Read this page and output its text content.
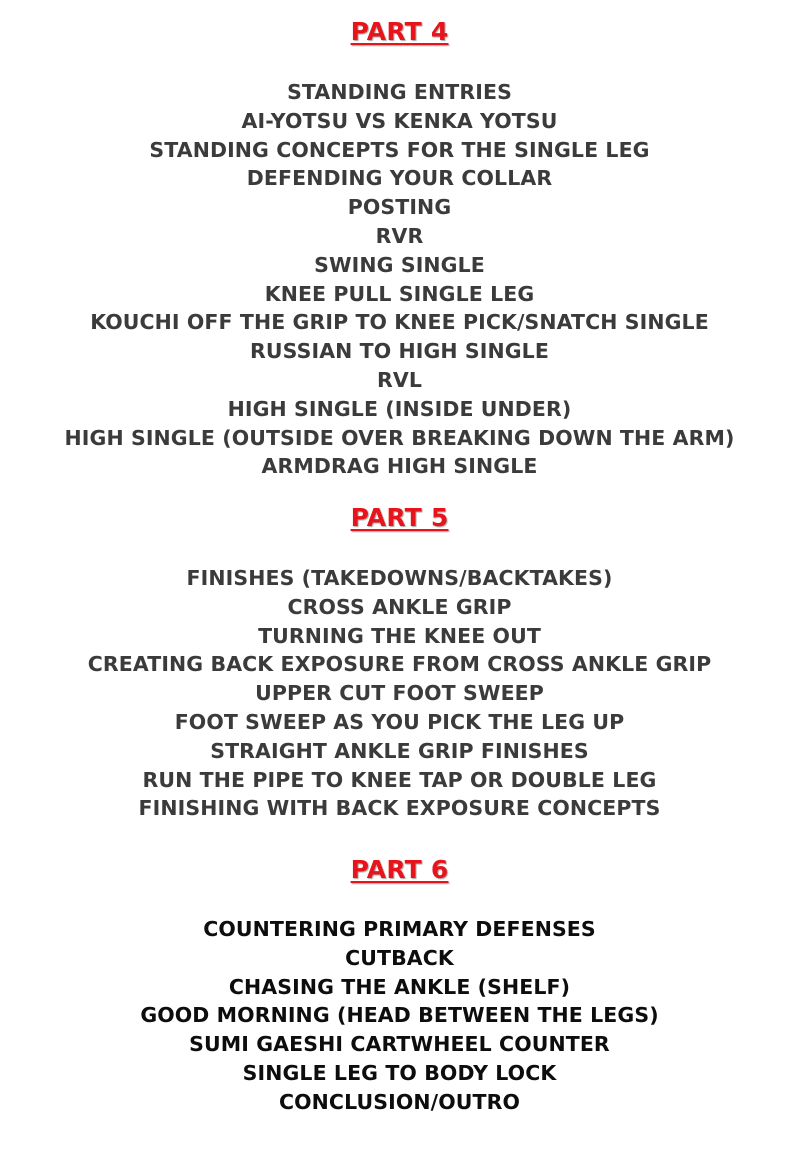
PART 4
STANDING ENTRIES
AI-YOTSU VS KENKA YOTSU
STANDING CONCEPTS FOR THE SINGLE LEG
DEFENDING YOUR COLLAR
POSTING
RVR
SWING SINGLE
KNEE PULL SINGLE LEG
KOUCHI OFF THE GRIP TO KNEE PICK/SNATCH SINGLE
RUSSIAN TO HIGH SINGLE
RVL
HIGH SINGLE (INSIDE UNDER)
HIGH SINGLE (OUTSIDE OVER BREAKING DOWN THE ARM)
ARMDRAG HIGH SINGLE
PART 5
FINISHES (TAKEDOWNS/BACKTAKES)
CROSS ANKLE GRIP
TURNING THE KNEE OUT
CREATING BACK EXPOSURE FROM CROSS ANKLE GRIP
UPPER CUT FOOT SWEEP
FOOT SWEEP AS YOU PICK THE LEG UP
STRAIGHT ANKLE GRIP FINISHES
RUN THE PIPE TO KNEE TAP OR DOUBLE LEG
FINISHING WITH BACK EXPOSURE CONCEPTS
PART 6
COUNTERING PRIMARY DEFENSES
CUTBACK
CHASING THE ANKLE (SHELF)
GOOD MORNING (HEAD BETWEEN THE LEGS)
SUMI GAESHI CARTWHEEL COUNTER
SINGLE LEG TO BODY LOCK
CONCLUSION/OUTRO
